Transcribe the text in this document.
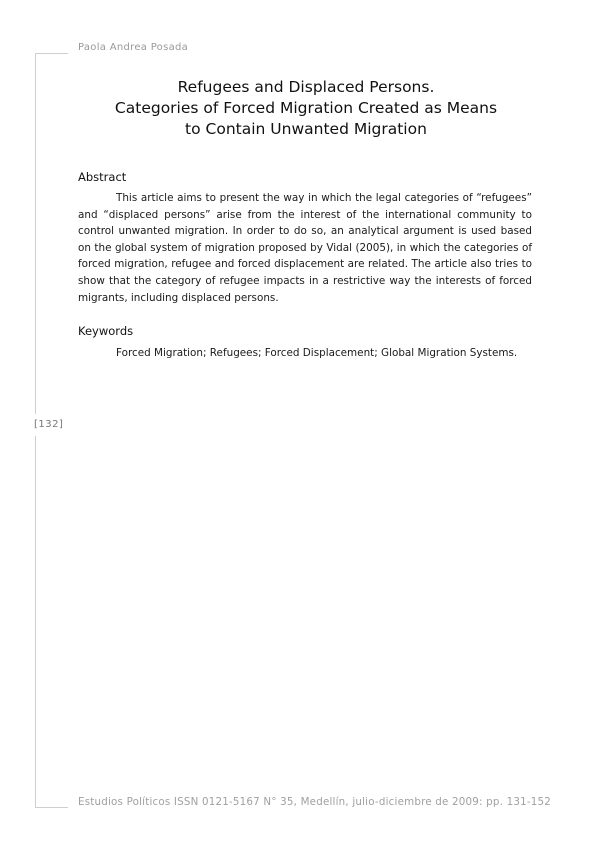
Paola Andrea Posada
Refugees and Displaced Persons.
Categories of Forced Migration Created as Means
to Contain Unwanted Migration
Abstract
This article aims to present the way in which the legal categories of “refugees” and “displaced persons” arise from the interest of the international community to control unwanted migration. In order to do so, an analytical argument is used based on the global system of migration proposed by Vidal (2005), in which the categories of forced migration, refugee and forced displacement are related. The article also tries to show that the category of refugee impacts in a restrictive way the interests of forced migrants, including displaced persons.
Keywords
Forced Migration; Refugees; Forced Displacement; Global Migration Systems.
[132]
Estudios Políticos ISSN 0121-5167 N° 35, Medellín, julio-diciembre de 2009: pp. 131-152
